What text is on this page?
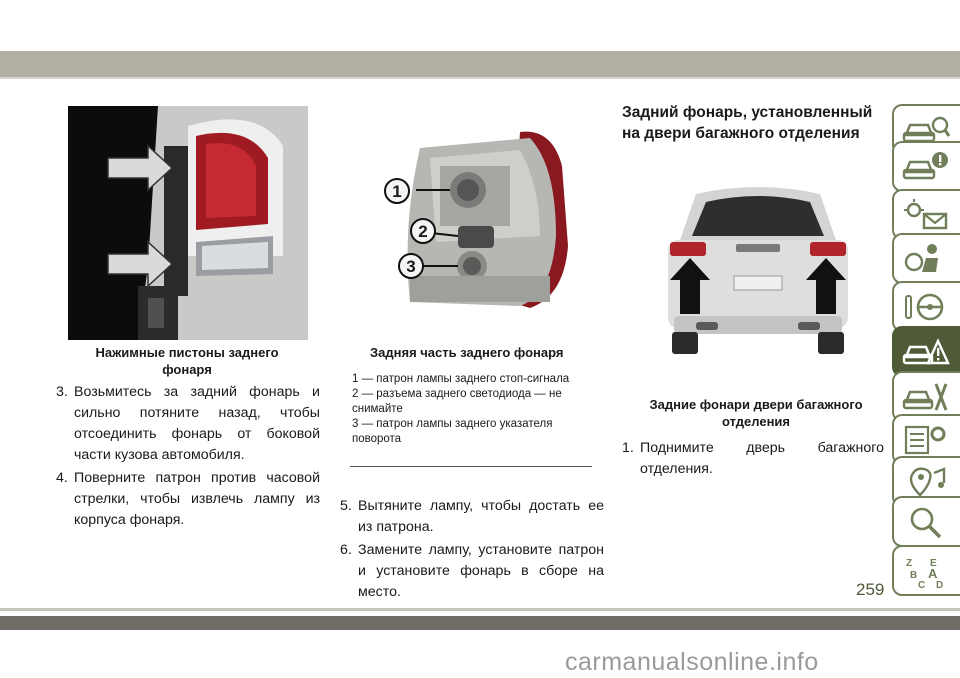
Нажимные пистоны заднего фонаря
3. Возьмитесь за задний фонарь и сильно потяните назад, чтобы отсоединить фонарь от боковой части кузова автомобиля.
4. Поверните патрон против часовой стрелки, чтобы извлечь лампу из корпуса фонаря.
1
2
3
Задняя часть заднего фонаря
1 — патрон лампы заднего стоп-сигнала
2 — разъема заднего светодиода — не снимайте
3 — патрон лампы заднего указателя поворота
5. Вытяните лампу, чтобы достать ее из патрона.
6. Замените лампу, установите патрон и установите фонарь в сборе на место.
Задний фонарь, установленный на двери багажного отделения
Задние фонари двери багажного отделения
1. Поднимите дверь багажного отделения.
Z E
B A
C D
259
carmanualsonline.info
